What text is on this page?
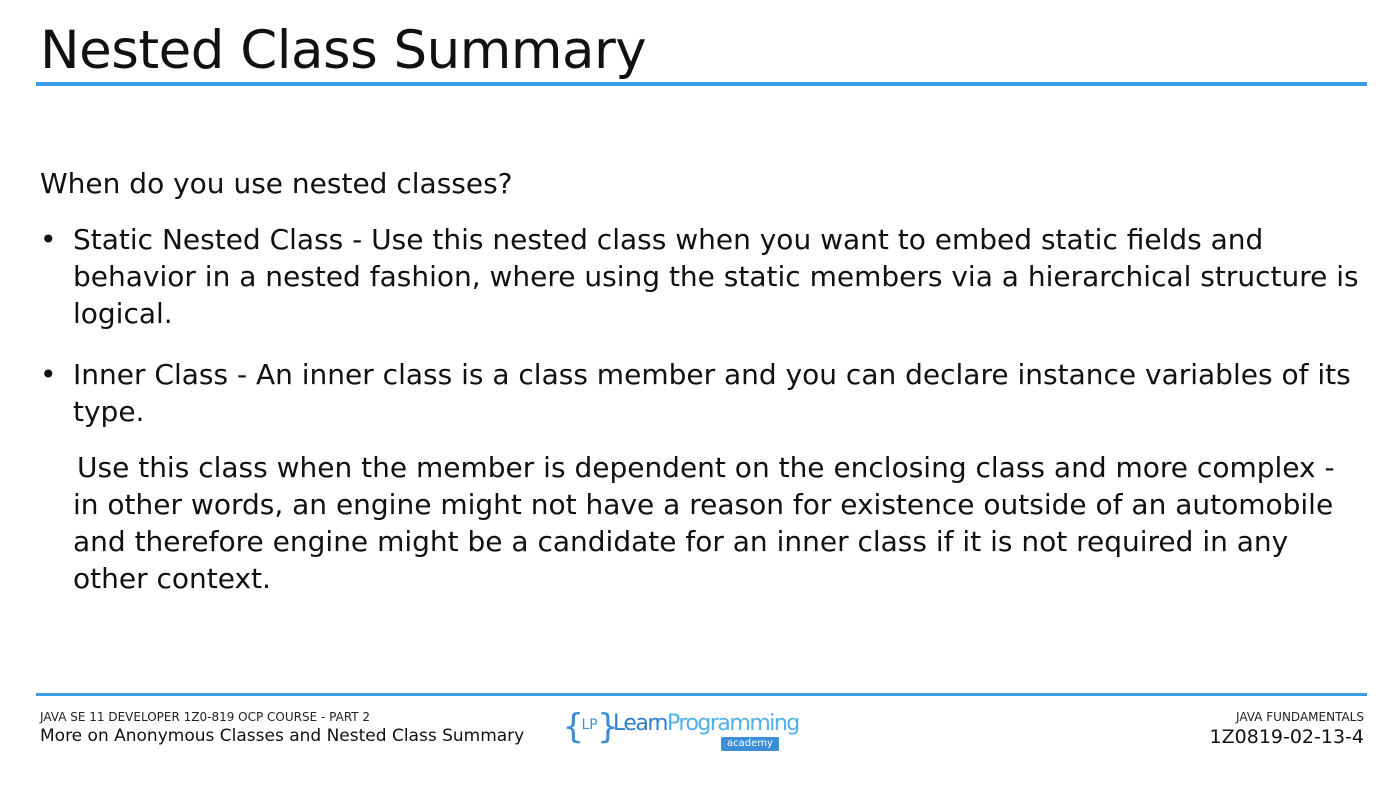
Nested Class Summary

When do you use nested classes?

• Static Nested Class - Use this nested class when you want to embed static fields and behavior in a nested fashion, where using the static members via a hierarchical structure is logical.
• Inner Class - An inner class is a class member and you can declare instance variables of its type.

Use this class when the member is dependent on the enclosing class and more complex - in other words, an engine might not have a reason for existence outside of an automobile and therefore engine might be a candidate for an inner class if it is not required in any other context.

JAVA SE 11 DEVELOPER 1Z0-819 OCP COURSE - PART 2
More on Anonymous Classes and Nested Class Summary {$^{LP}$}
LearnProgramming
academy
JAVA FUNDAMENTALS
1Z0819-02-13-4
